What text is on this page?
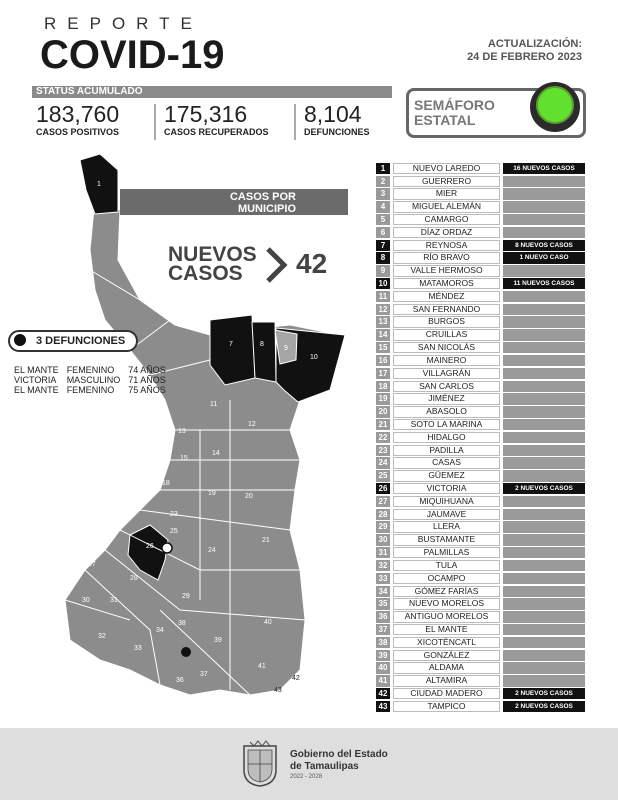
REPORTE
COVID-19	ACTUALIZACIÓN:
24 DE FEBRERO 2023
STATUS ACUMULADO
183,760
CASOS POSITIVOS
175,316
CASOS RECUPERADOS
8,104
DEFUNCIONES
SEMÁFORO
ESTATAL
1
2
3
4
5
6
7	8
9
10
11
12
13
14
15
16	17
18
19	20
21
22
23
24
25
26
27
28
29
30	31
32
33
34
35
36
37
38
39
40
41
42
43
CASOS POR
MUNICIPIO
NUEVOS
CASOS	42
3 DEFUNCIONES
EL MANTE	FEMENINO	74 AÑOS
VICTORIA	MASCULINO	71 AÑOS
EL MANTE	FEMENINO	75 AÑOS
1	NUEVO LAREDO	16 NUEVOS CASOS
2	GUERRERO
3	MIER
4	MIGUEL ALEMÁN
5	CAMARGO
6	DÍAZ ORDAZ
7	REYNOSA	8 NUEVOS CASOS
8	RÍO BRAVO	1 NUEVO CASO
9	VALLE HERMOSO
10	MATAMOROS	11 NUEVOS CASOS
11	MÉNDEZ
12	SAN FERNANDO
13	BURGOS
14	CRUILLAS
15	SAN NICOLÁS
16	MAINERO
17	VILLAGRÁN
18	SAN CARLOS
19	JIMÉNEZ
20	ABASOLO
21	SOTO LA MARINA
22	HIDALGO
23	PADILLA
24	CASAS
25	GÜEMEZ
26	VICTORIA	2 NUEVOS CASOS
27	MIQUIHUANA
28	JAUMAVE
29	LLERA
30	BUSTAMANTE
31	PALMILLAS
32	TULA
33	OCAMPO
34	GÓMEZ FARÍAS
35	NUEVO MORELOS
36	ANTIGUO MORELOS
37	EL MANTE
38	XICOTÉNCATL
39	GONZÁLEZ
40	ALDAMA
41	ALTAMIRA
42	CIUDAD MADERO	2 NUEVOS CASOS
43	TAMPICO	2 NUEVOS CASOS
Gobierno del Estado
de Tamaulipas
2022 - 2028
